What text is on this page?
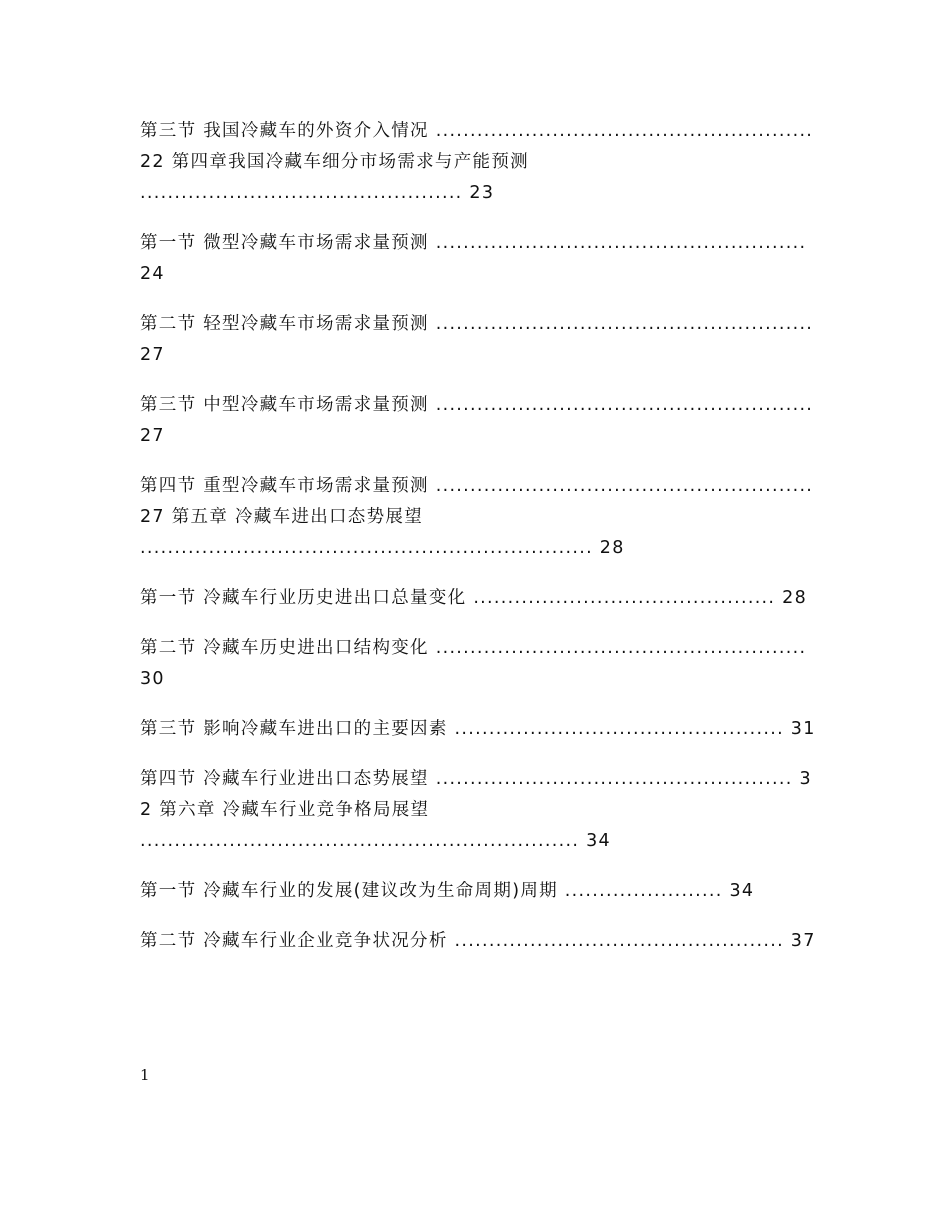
第三节 我国冷藏车的外资介入情况 ....................................................... 22 第四章我国冷藏车细分市场需求与产能预测 ............................................... 23
第一节 微型冷藏车市场需求量预测 ...................................................... 24
第二节 轻型冷藏车市场需求量预测 ....................................................... 27
第三节 中型冷藏车市场需求量预测 ....................................................... 27
第四节 重型冷藏车市场需求量预测 ....................................................... 27 第五章 冷藏车进出口态势展望 .................................................................. 28
第一节 冷藏车行业历史进出口总量变化 ............................................ 28
第二节 冷藏车历史进出口结构变化 ...................................................... 30
第三节 影响冷藏车进出口的主要因素 ................................................ 31
第四节 冷藏车行业进出口态势展望 .................................................... 32 第六章 冷藏车行业竞争格局展望 ................................................................ 34
第一节 冷藏车行业的发展(建议改为生命周期)周期 ....................... 34
第二节 冷藏车行业企业竞争状况分析 ................................................ 37
1
